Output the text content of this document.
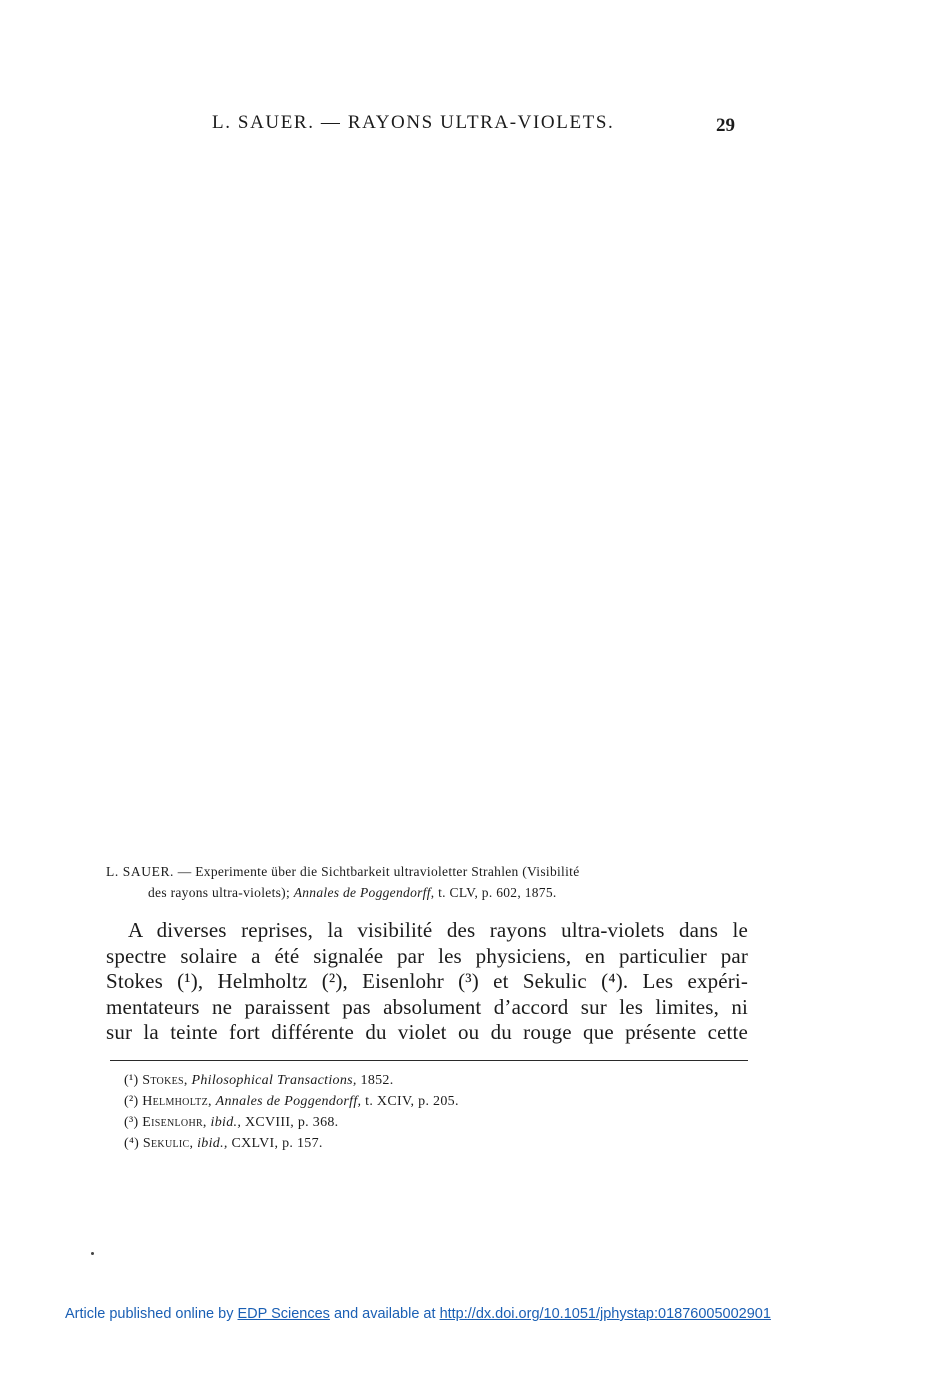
L. SAUER. — RAYONS ULTRA-VIOLETS.	29
L. SAUER. — Experimente über die Sichtbarkeit ultravioletter Strahlen (Visibilité
des rayons ultra-violets); Annales de Poggendorff, t. CLV, p. 602, 1875.
A diverses reprises, la visibilité des rayons ultra-violets dans le
spectre solaire a été signalée par les physiciens, en particulier par
Stokes (¹), Helmholtz (²), Eisenlohr (³) et Sekulic (⁴). Les expéri-
mentateurs ne paraissent pas absolument d’accord sur les limites, ni
sur la teinte fort différente du violet ou du rouge que présente cette
(¹) Stokes, Philosophical Transactions, 1852.
(²) Helmholtz, Annales de Poggendorff, t. XCIV, p. 205.
(³) Eisenlohr, ibid., XCVIII, p. 368.
(⁴) Sekulic, ibid., CXLVI, p. 157.
Article published online by EDP Sciences and available at http://dx.doi.org/10.1051/jphystap:01876005002901
